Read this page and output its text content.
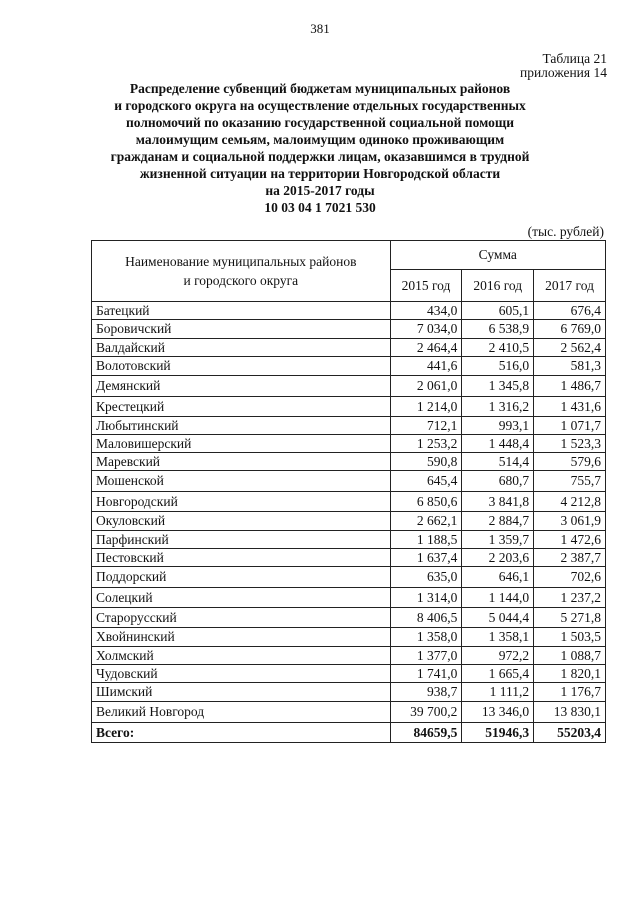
381
Таблица 21
приложения 14
Распределение субвенций бюджетам муниципальных районов
и городского округа на осуществление отдельных государственных
полномочий по оказанию государственной социальной помощи
малоимущим семьям, малоимущим одиноко проживающим
гражданам и социальной поддержки лицам, оказавшимся в трудной
жизненной ситуации на территории Новгородской области
на 2015-2017 годы
10 03 04 1 7021 530
(тыс. рублей)
Наименование муниципальных районов
и городского округа	Сумма		
	2015 год	2016 год	2017 год
Батецкий	434,0	605,1	676,4
Боровичский	7 034,0	6 538,9	6 769,0
Валдайский	2 464,4	2 410,5	2 562,4
Волотовский	441,6	516,0	581,3
Демянский	2 061,0	1 345,8	1 486,7
Крестецкий	1 214,0	1 316,2	1 431,6
Любытинский	712,1	993,1	1 071,7
Маловишерский	1 253,2	1 448,4	1 523,3
Маревский	590,8	514,4	579,6
Мошенской	645,4	680,7	755,7
Новгородский	6 850,6	3 841,8	4 212,8
Окуловский	2 662,1	2 884,7	3 061,9
Парфинский	1 188,5	1 359,7	1 472,6
Пестовский	1 637,4	2 203,6	2 387,7
Поддорский	635,0	646,1	702,6
Солецкий	1 314,0	1 144,0	1 237,2
Старорусский	8 406,5	5 044,4	5 271,8
Хвойнинский	1 358,0	1 358,1	1 503,5
Холмский	1 377,0	972,2	1 088,7
Чудовский	1 741,0	1 665,4	1 820,1
Шимский	938,7	1 111,2	1 176,7
Великий Новгород	39 700,2	13 346,0	13 830,1
Всего:	84659,5	51946,3	55203,4
